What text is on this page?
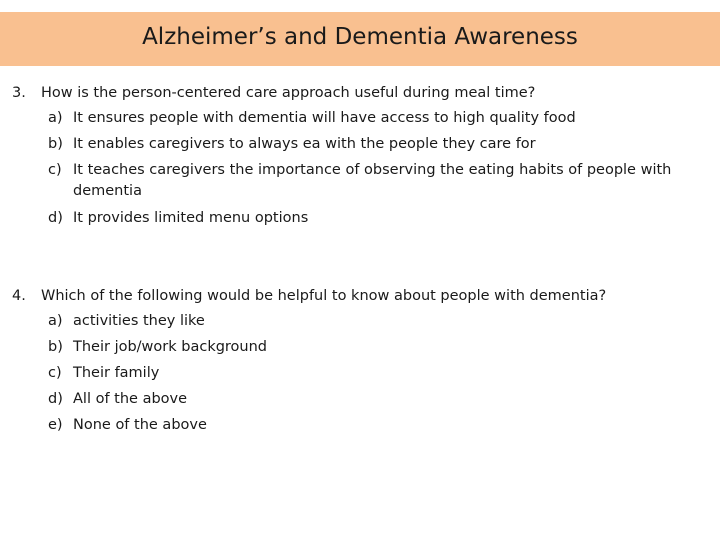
Alzheimer’s and Dementia Awareness
3. How is the person-centered care approach useful during meal time?
a) It ensures people with dementia will have access to high quality food
b) It enables caregivers to always ea with the people they care for
c) It teaches caregivers the importance of observing the eating habits of people with
dementia
d) It provides limited menu options
4. Which of the following would be helpful to know about people with dementia?
a) activities they like
b) Their job/work background
c) Their family
d) All of the above
e) None of the above
